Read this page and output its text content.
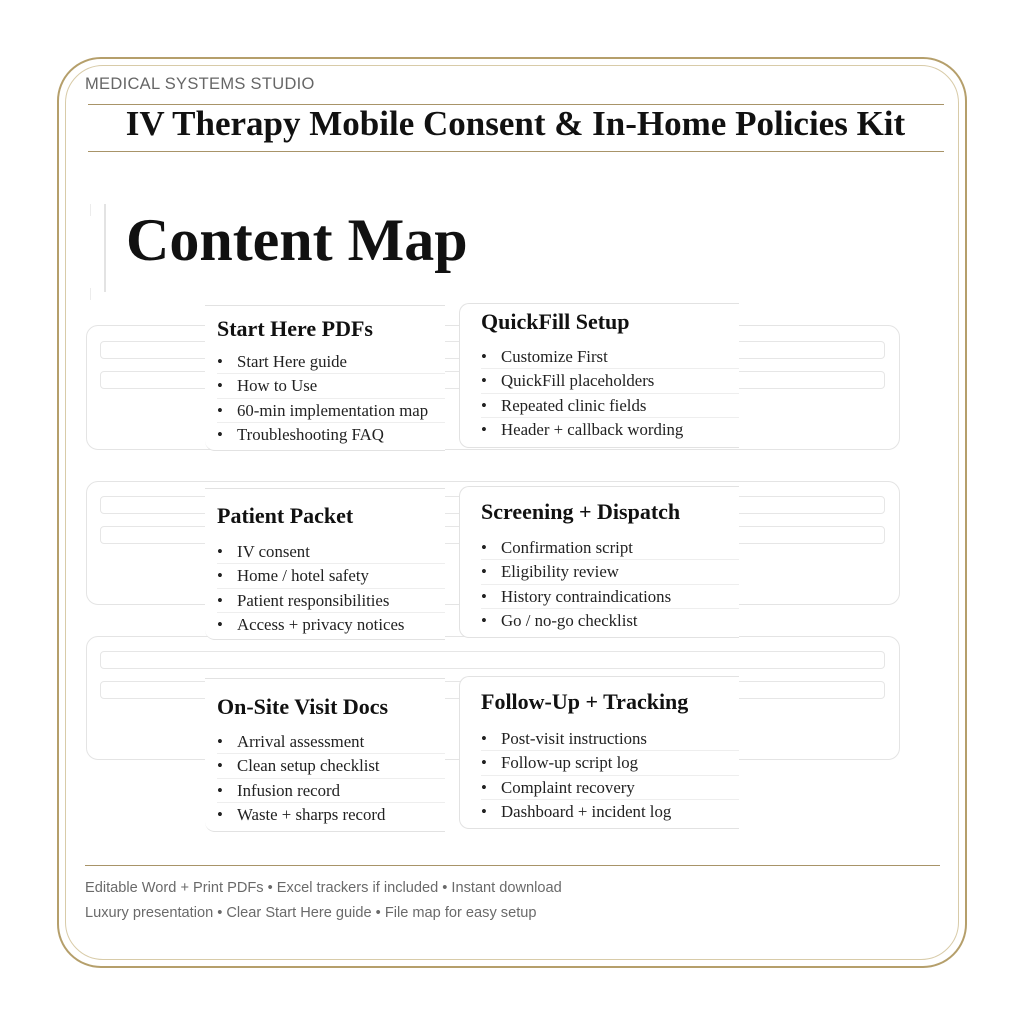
MEDICAL SYSTEMS STUDIO
IV Therapy Mobile Consent & In-Home Policies Kit
Content Map
Start Here PDFs
• Start Here guide
• How to Use
• 60-min implementation map
• Troubleshooting FAQ
QuickFill Setup
• Customize First
• QuickFill placeholders
• Repeated clinic fields
• Header + callback wording
Patient Packet
• IV consent
• Home / hotel safety
• Patient responsibilities
• Access + privacy notices
Screening + Dispatch
• Confirmation script
• Eligibility review
• History contraindications
• Go / no-go checklist
On-Site Visit Docs
• Arrival assessment
• Clean setup checklist
• Infusion record
• Waste + sharps record
Follow-Up + Tracking
• Post-visit instructions
• Follow-up script log
• Complaint recovery
• Dashboard + incident log
Editable Word + Print PDFs • Excel trackers if included • Instant download
Luxury presentation • Clear Start Here guide • File map for easy setup
